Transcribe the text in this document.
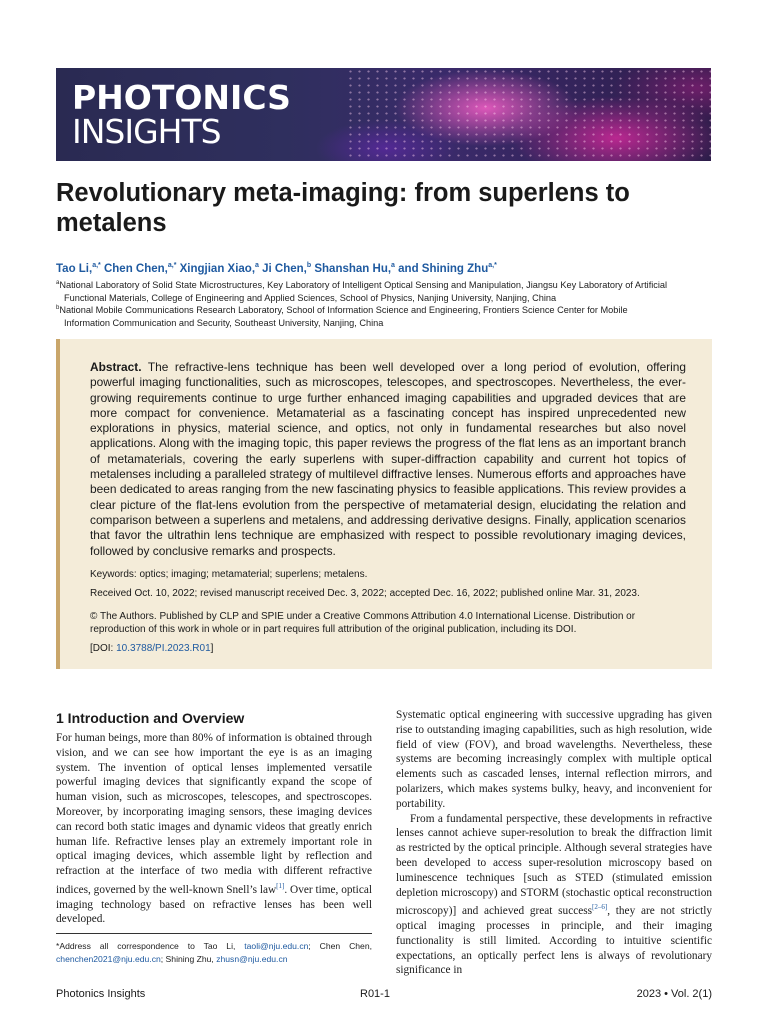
PHOTONICS
INSIGHTS
Revolutionary meta-imaging: from superlens to metalens
Tao Li,$^{a,*}$ Chen Chen,$^{a,*}$ Xingjian Xiao,$^a$ Ji Chen,$^b$ Shanshan Hu,$^a$ and Shining Zhu$^{a,*}$
$^a$National Laboratory of Solid State Microstructures, Key Laboratory of Intelligent Optical Sensing and Manipulation, Jiangsu Key Laboratory of Artificial
Functional Materials, College of Engineering and Applied Sciences, School of Physics, Nanjing University, Nanjing, China
$^b$National Mobile Communications Research Laboratory, School of Information Science and Engineering, Frontiers Science Center for Mobile
Information Communication and Security, Southeast University, Nanjing, China
Abstract. The refractive-lens technique has been well developed over a long period of evolution, offering powerful imaging functionalities, such as microscopes, telescopes, and spectroscopes. Nevertheless, the ever-growing requirements continue to urge further enhanced imaging capabilities and upgraded devices that are more compact for convenience. Metamaterial as a fascinating concept has inspired unprecedented new explorations in physics, material science, and optics, not only in fundamental researches but also novel applications. Along with the imaging topic, this paper reviews the progress of the flat lens as an important branch of metamaterials, covering the early superlens with super-diffraction capability and current hot topics of metalenses including a paralleled strategy of multilevel diffractive lenses. Numerous efforts and approaches have been dedicated to areas ranging from the new fascinating physics to feasible applications. This review provides a clear picture of the flat-lens evolution from the perspective of metamaterial design, elucidating the relation and comparison between a superlens and metalens, and addressing derivative designs. Finally, application scenarios that favor the ultrathin lens technique are emphasized with respect to possible revolutionary imaging devices, followed by conclusive remarks and prospects.
Keywords: optics; imaging; metamaterial; superlens; metalens.
Received Oct. 10, 2022; revised manuscript received Dec. 3, 2022; accepted Dec. 16, 2022; published online Mar. 31, 2023.
© The Authors. Published by CLP and SPIE under a Creative Commons Attribution 4.0 International License. Distribution or reproduction of this work in whole or in part requires full attribution of the original publication, including its DOI.
[DOI: 10.3788/PI.2023.R01]
1 Introduction and Overview

For human beings, more than 80% of information is obtained through vision, and we can see how important the eye is as an imaging system. The invention of optical lenses implemented versatile powerful imaging devices that significantly expand the scope of human vision, such as microscopes, telescopes, and spectroscopes. Moreover, by incorporating imaging sensors, these imaging devices can record both static images and dynamic videos that greatly enrich human life. Refractive lenses play an extremely important role in optical imaging devices, which assemble light by reflection and refraction at the interface of two media with different refractive indices, governed by the well-known Snell’s law[1]. Over time, optical imaging technology based on refractive lenses has been well developed.

*Address all correspondence to Tao Li, taoli@nju.edu.cn; Chen Chen, chenchen2021@nju.edu.cn; Shining Zhu, zhusn@nju.edu.cn

Systematic optical engineering with successive upgrading has given rise to outstanding imaging capabilities, such as high resolution, wide field of view (FOV), and broad wavelengths. Nevertheless, these systems are becoming increasingly complex with multiple optical elements such as cascaded lenses, internal reflection mirrors, and polarizers, which makes systems bulky, heavy, and inconvenient for portability.

From a fundamental perspective, these developments in refractive lenses cannot achieve super-resolution to break the diffraction limit as restricted by the optical principle. Although several strategies have been developed to access super-resolution microscopy based on luminescence techniques [such as STED (stimulated emission depletion microscopy) and STORM (stochastic optical reconstruction microscopy)] and achieved great success[2–6], they are not strictly optical imaging processes in principle, and their imaging functionality is still limited. According to intuitive scientific expectations, an optically perfect lens is always of revolutionary significance in

Photonics Insights	R01-1	2023 • Vol. 2(1)
